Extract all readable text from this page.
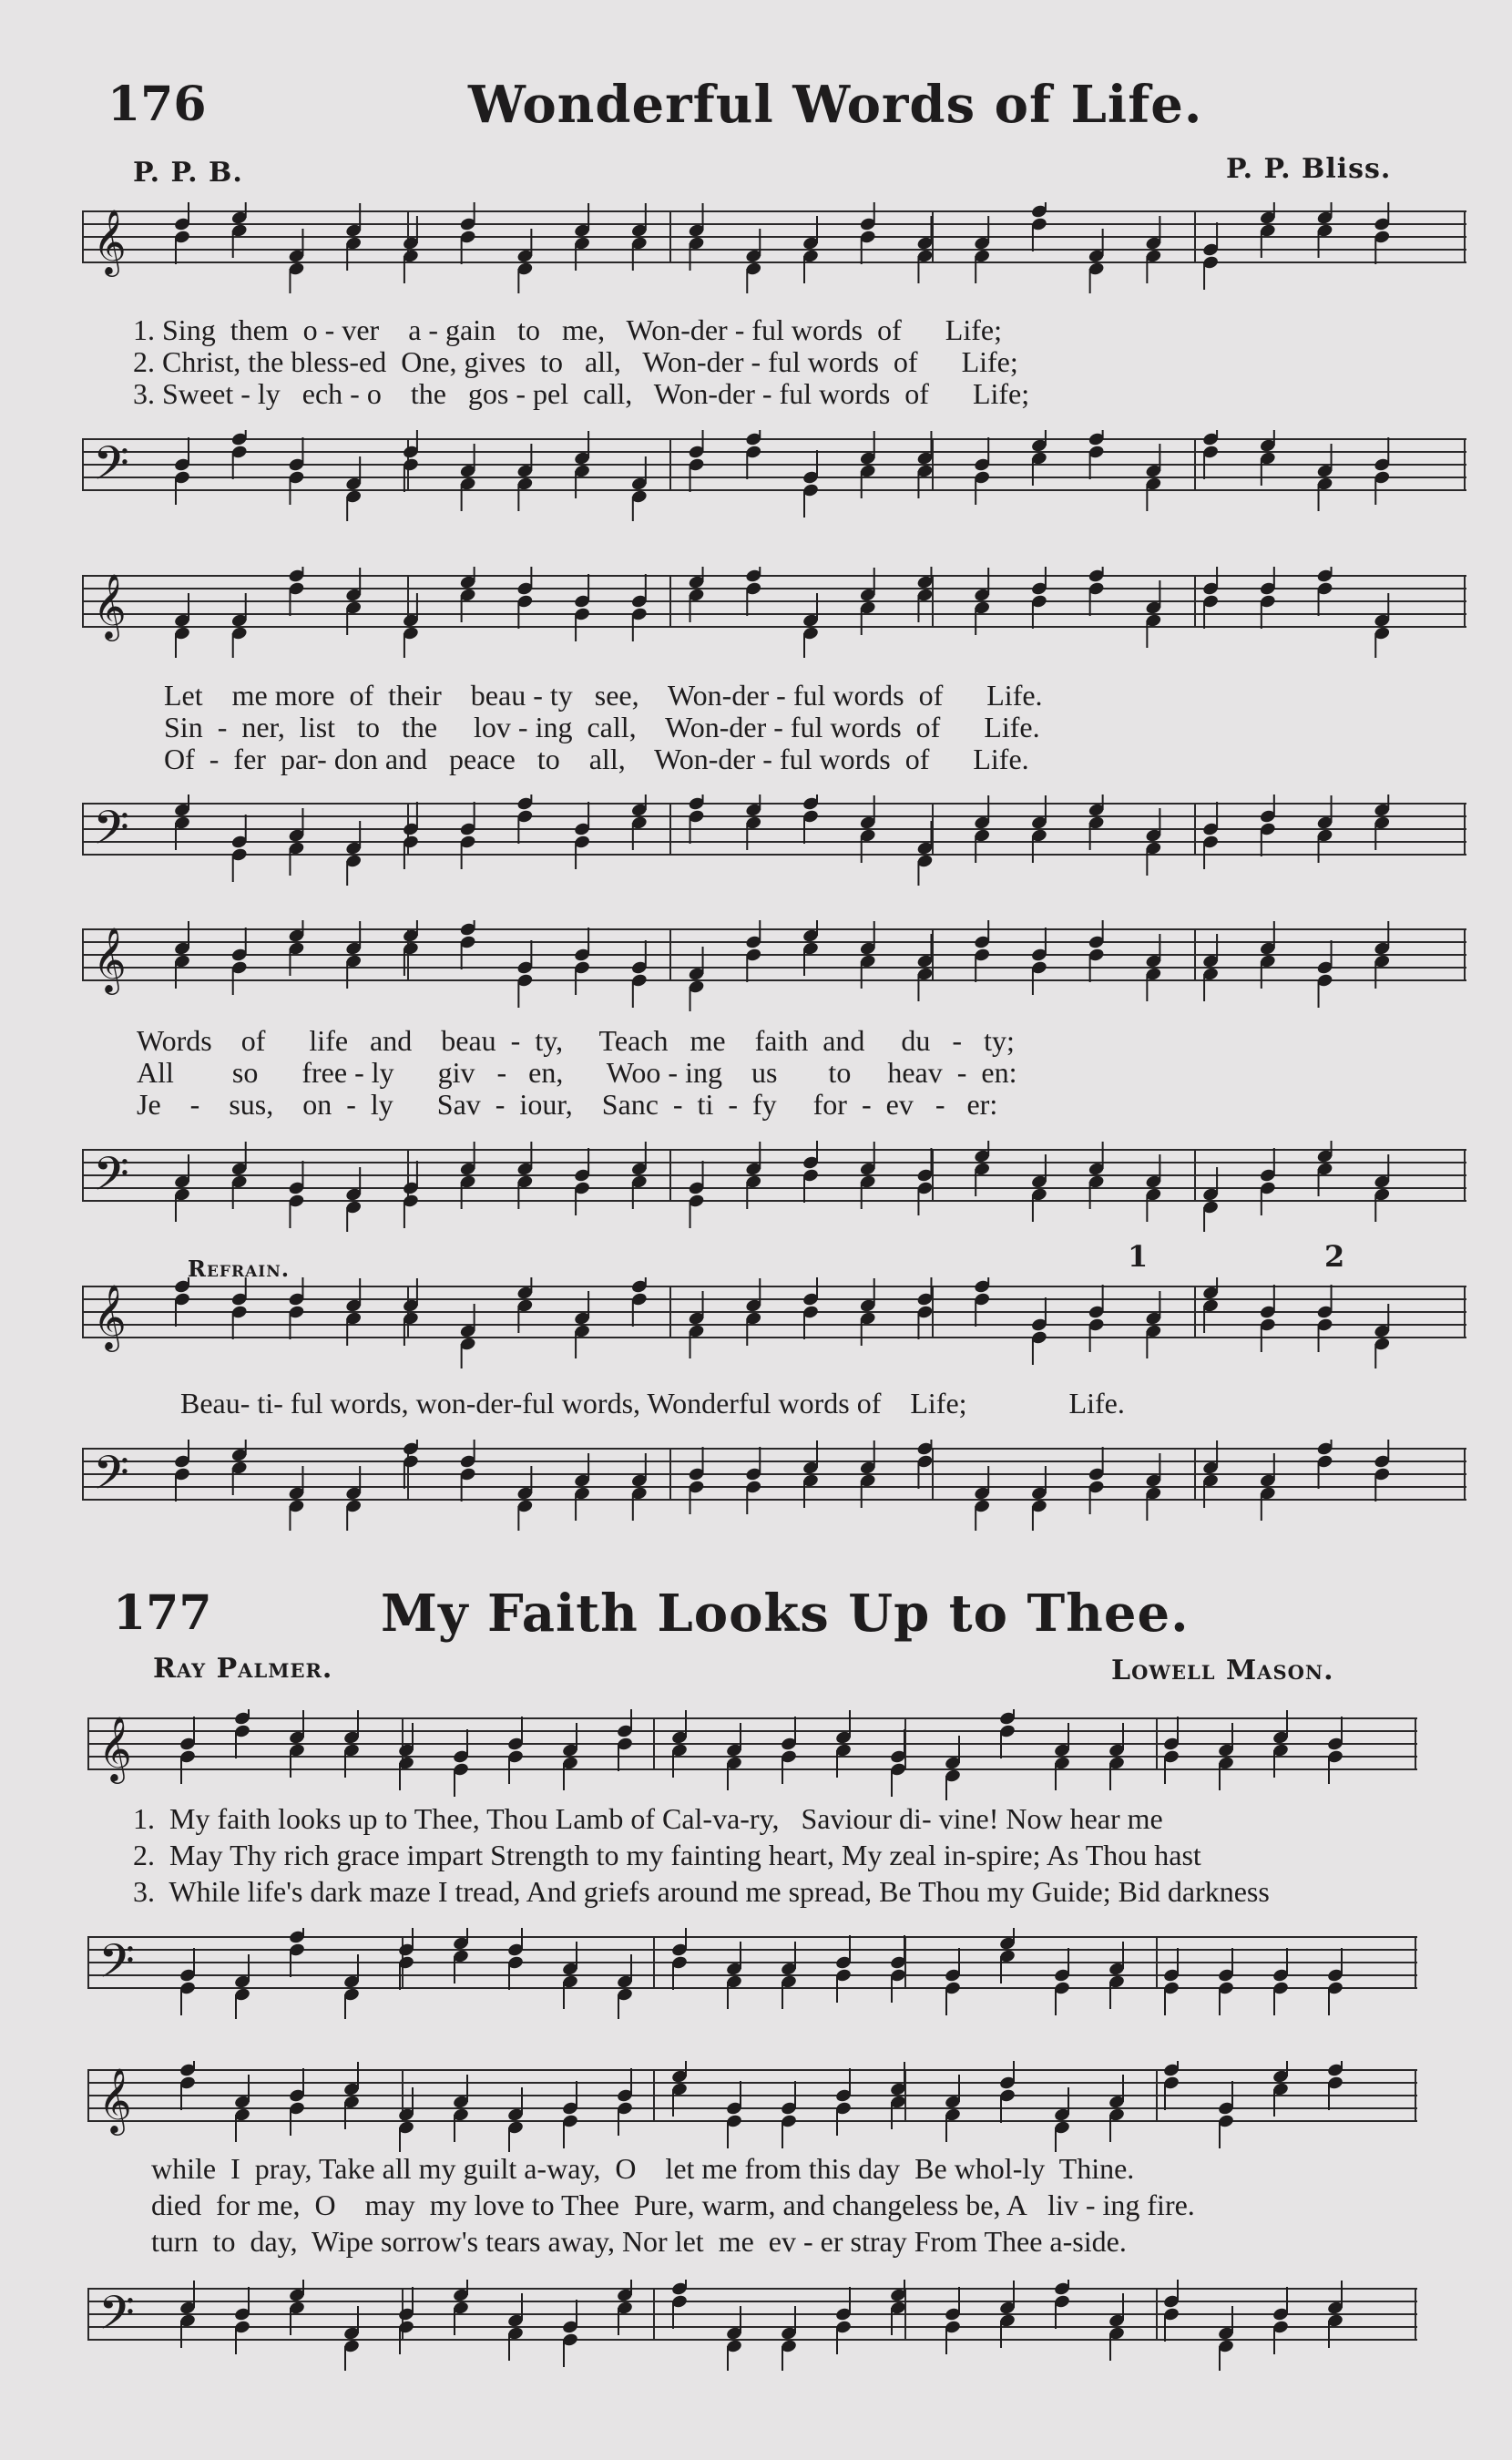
176	Wonderful Words of Life.
P. P. B.	P. P. Bliss.
𝄞
1. Sing  them  o - ver    a - gain   to   me,   Won-der - ful words  of      Life;
2. Christ, the bless-ed  One, gives  to   all,   Won-der - ful words  of      Life;
3. Sweet - ly   ech - o    the   gos - pel  call,   Won-der - ful words  of      Life;
𝄢
𝄞
Let    me more  of  their    beau - ty   see,    Won-der - ful words  of      Life.
Sin  -  ner,  list   to   the     lov - ing  call,    Won-der - ful words  of      Life.
Of  -  fer  par- don and   peace   to    all,    Won-der - ful words  of      Life.
𝄢
𝄞
Words    of      life   and    beau  -  ty,     Teach   me    faith  and     du   -   ty;
All        so      free - ly      giv   -   en,      Woo - ing    us       to     heav  -  en:
Je    -    sus,    on  -  ly      Sav  -  iour,    Sanc  -  ti  -  fy     for  -  ev   -   er:
𝄢
Refrain.	1	2
𝄞
Beau- ti- ful words, won-der-ful words, Wonderful words of    Life;              Life.
𝄢
177	My Faith Looks Up to Thee.
Ray Palmer.	Lowell Mason.
𝄞
1.  My faith looks up to Thee, Thou Lamb of Cal-va-ry,   Saviour di- vine! Now hear me
2.  May Thy rich grace impart Strength to my fainting heart, My zeal in-spire; As Thou hast
3.  While life's dark maze I tread, And griefs around me spread, Be Thou my Guide; Bid darkness
𝄢
𝄞
while  I  pray, Take all my guilt a-way,  O    let me from this day  Be whol-ly  Thine.
died  for me,  O    may  my love to Thee  Pure, warm, and changeless be, A   liv - ing fire.
turn  to  day,  Wipe sorrow's tears away, Nor let  me  ev - er stray From Thee a-side.
𝄢
